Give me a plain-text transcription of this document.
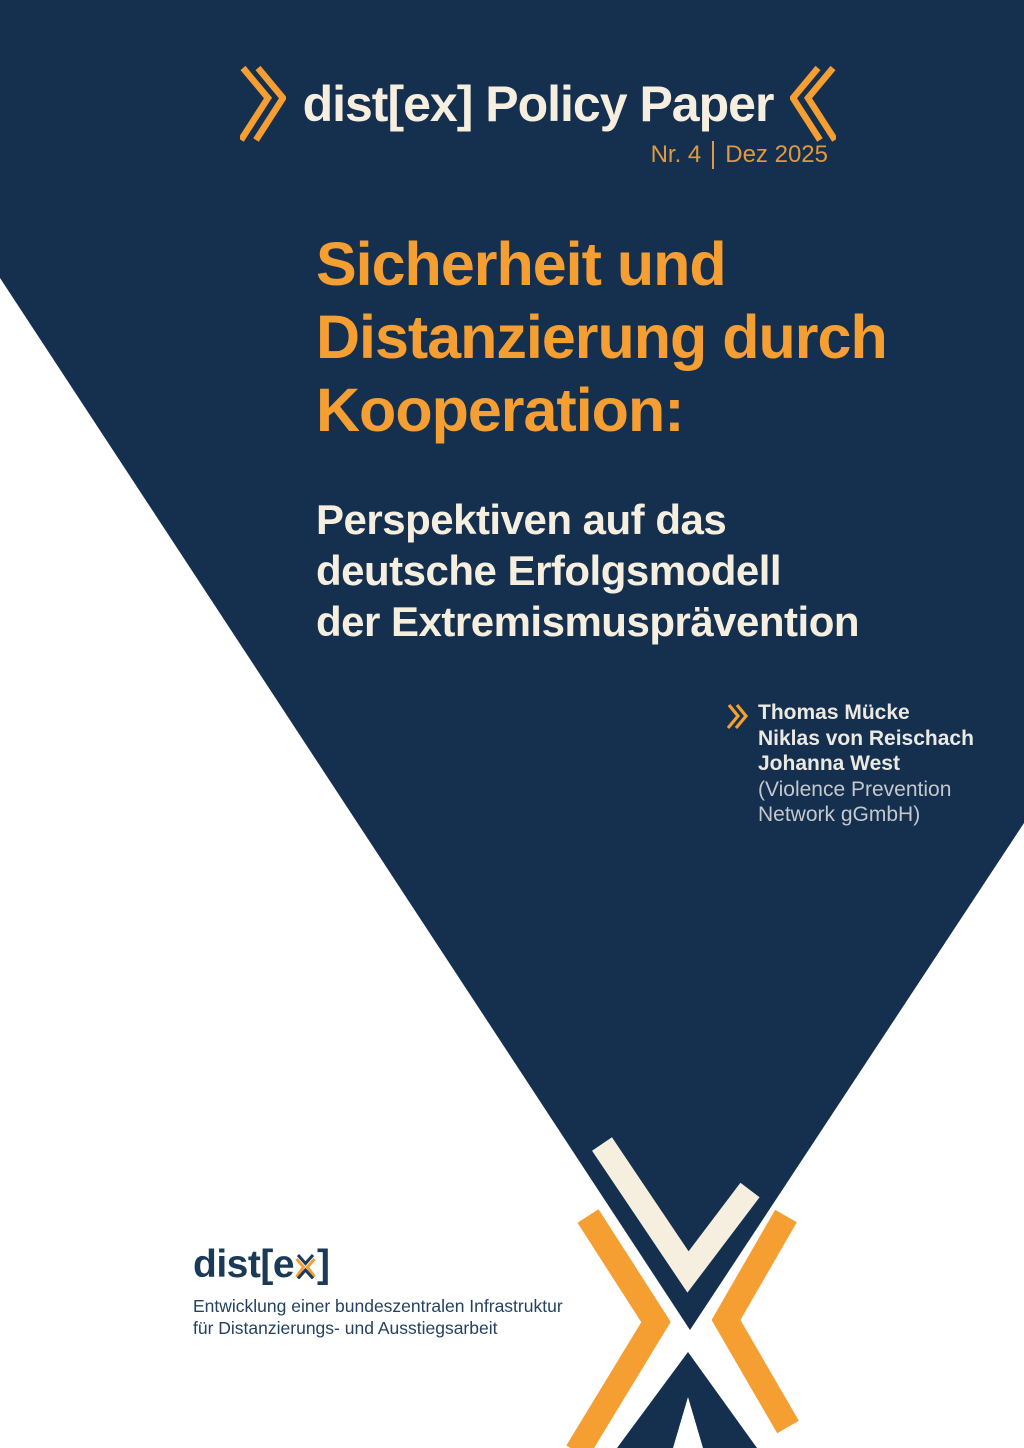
dist[ex] Policy Paper
Nr. 4 Dez 2025
Sicherheit und
Distanzierung durch
Kooperation:
Perspektiven auf das
deutsche Erfolgsmodell
der Extremismusprävention
Thomas Mücke
Niklas von Reischach
Johanna West
(Violence Prevention
Network gGmbH)
dist[e ]
Entwicklung einer bundeszentralen Infrastruktur
für Distanzierungs- und Ausstiegsarbeit
